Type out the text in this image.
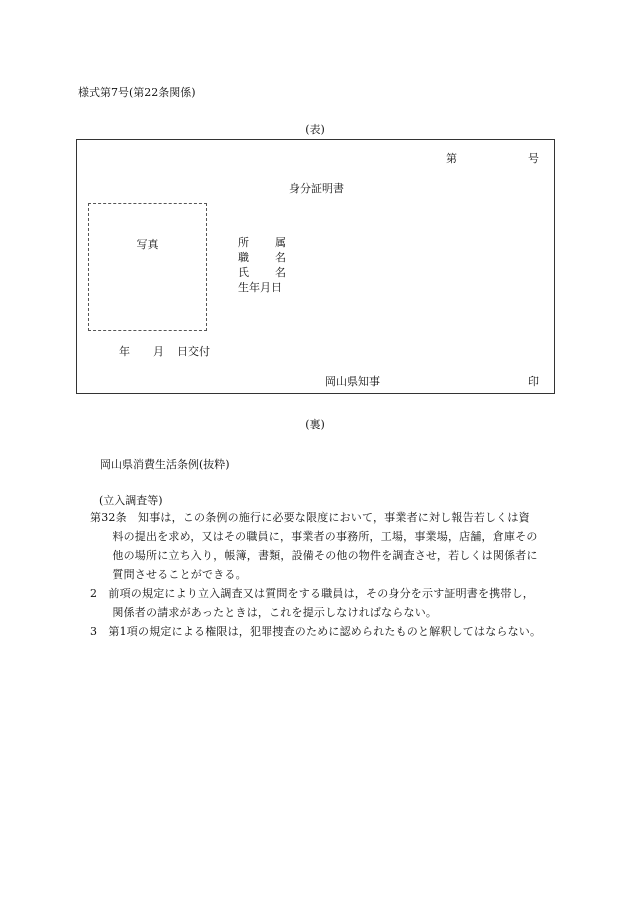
様式第7号(第22条関係)
(表)
第	号
身分証明書
写真	所 属
職 名
氏 名
生年月日
年 月 日交付
岡山県知事	印
(裏)
岡山県消費生活条例(抜粋)
(立入調査等)
第32条　知事は，この条例の施行に必要な限度において，事業者に対し報告若しくは資
　　料の提出を求め，又はその職員に，事業者の事務所，工場，事業場，店舗，倉庫その
　　他の場所に立ち入り，帳簿，書類，設備その他の物件を調査させ，若しくは関係者に
　　質問させることができる。
2　前項の規定により立入調査又は質問をする職員は，その身分を示す証明書を携帯し，
　　関係者の請求があったときは，これを提示しなければならない。
3　第1項の規定による権限は，犯罪捜査のために認められたものと解釈してはならない。
